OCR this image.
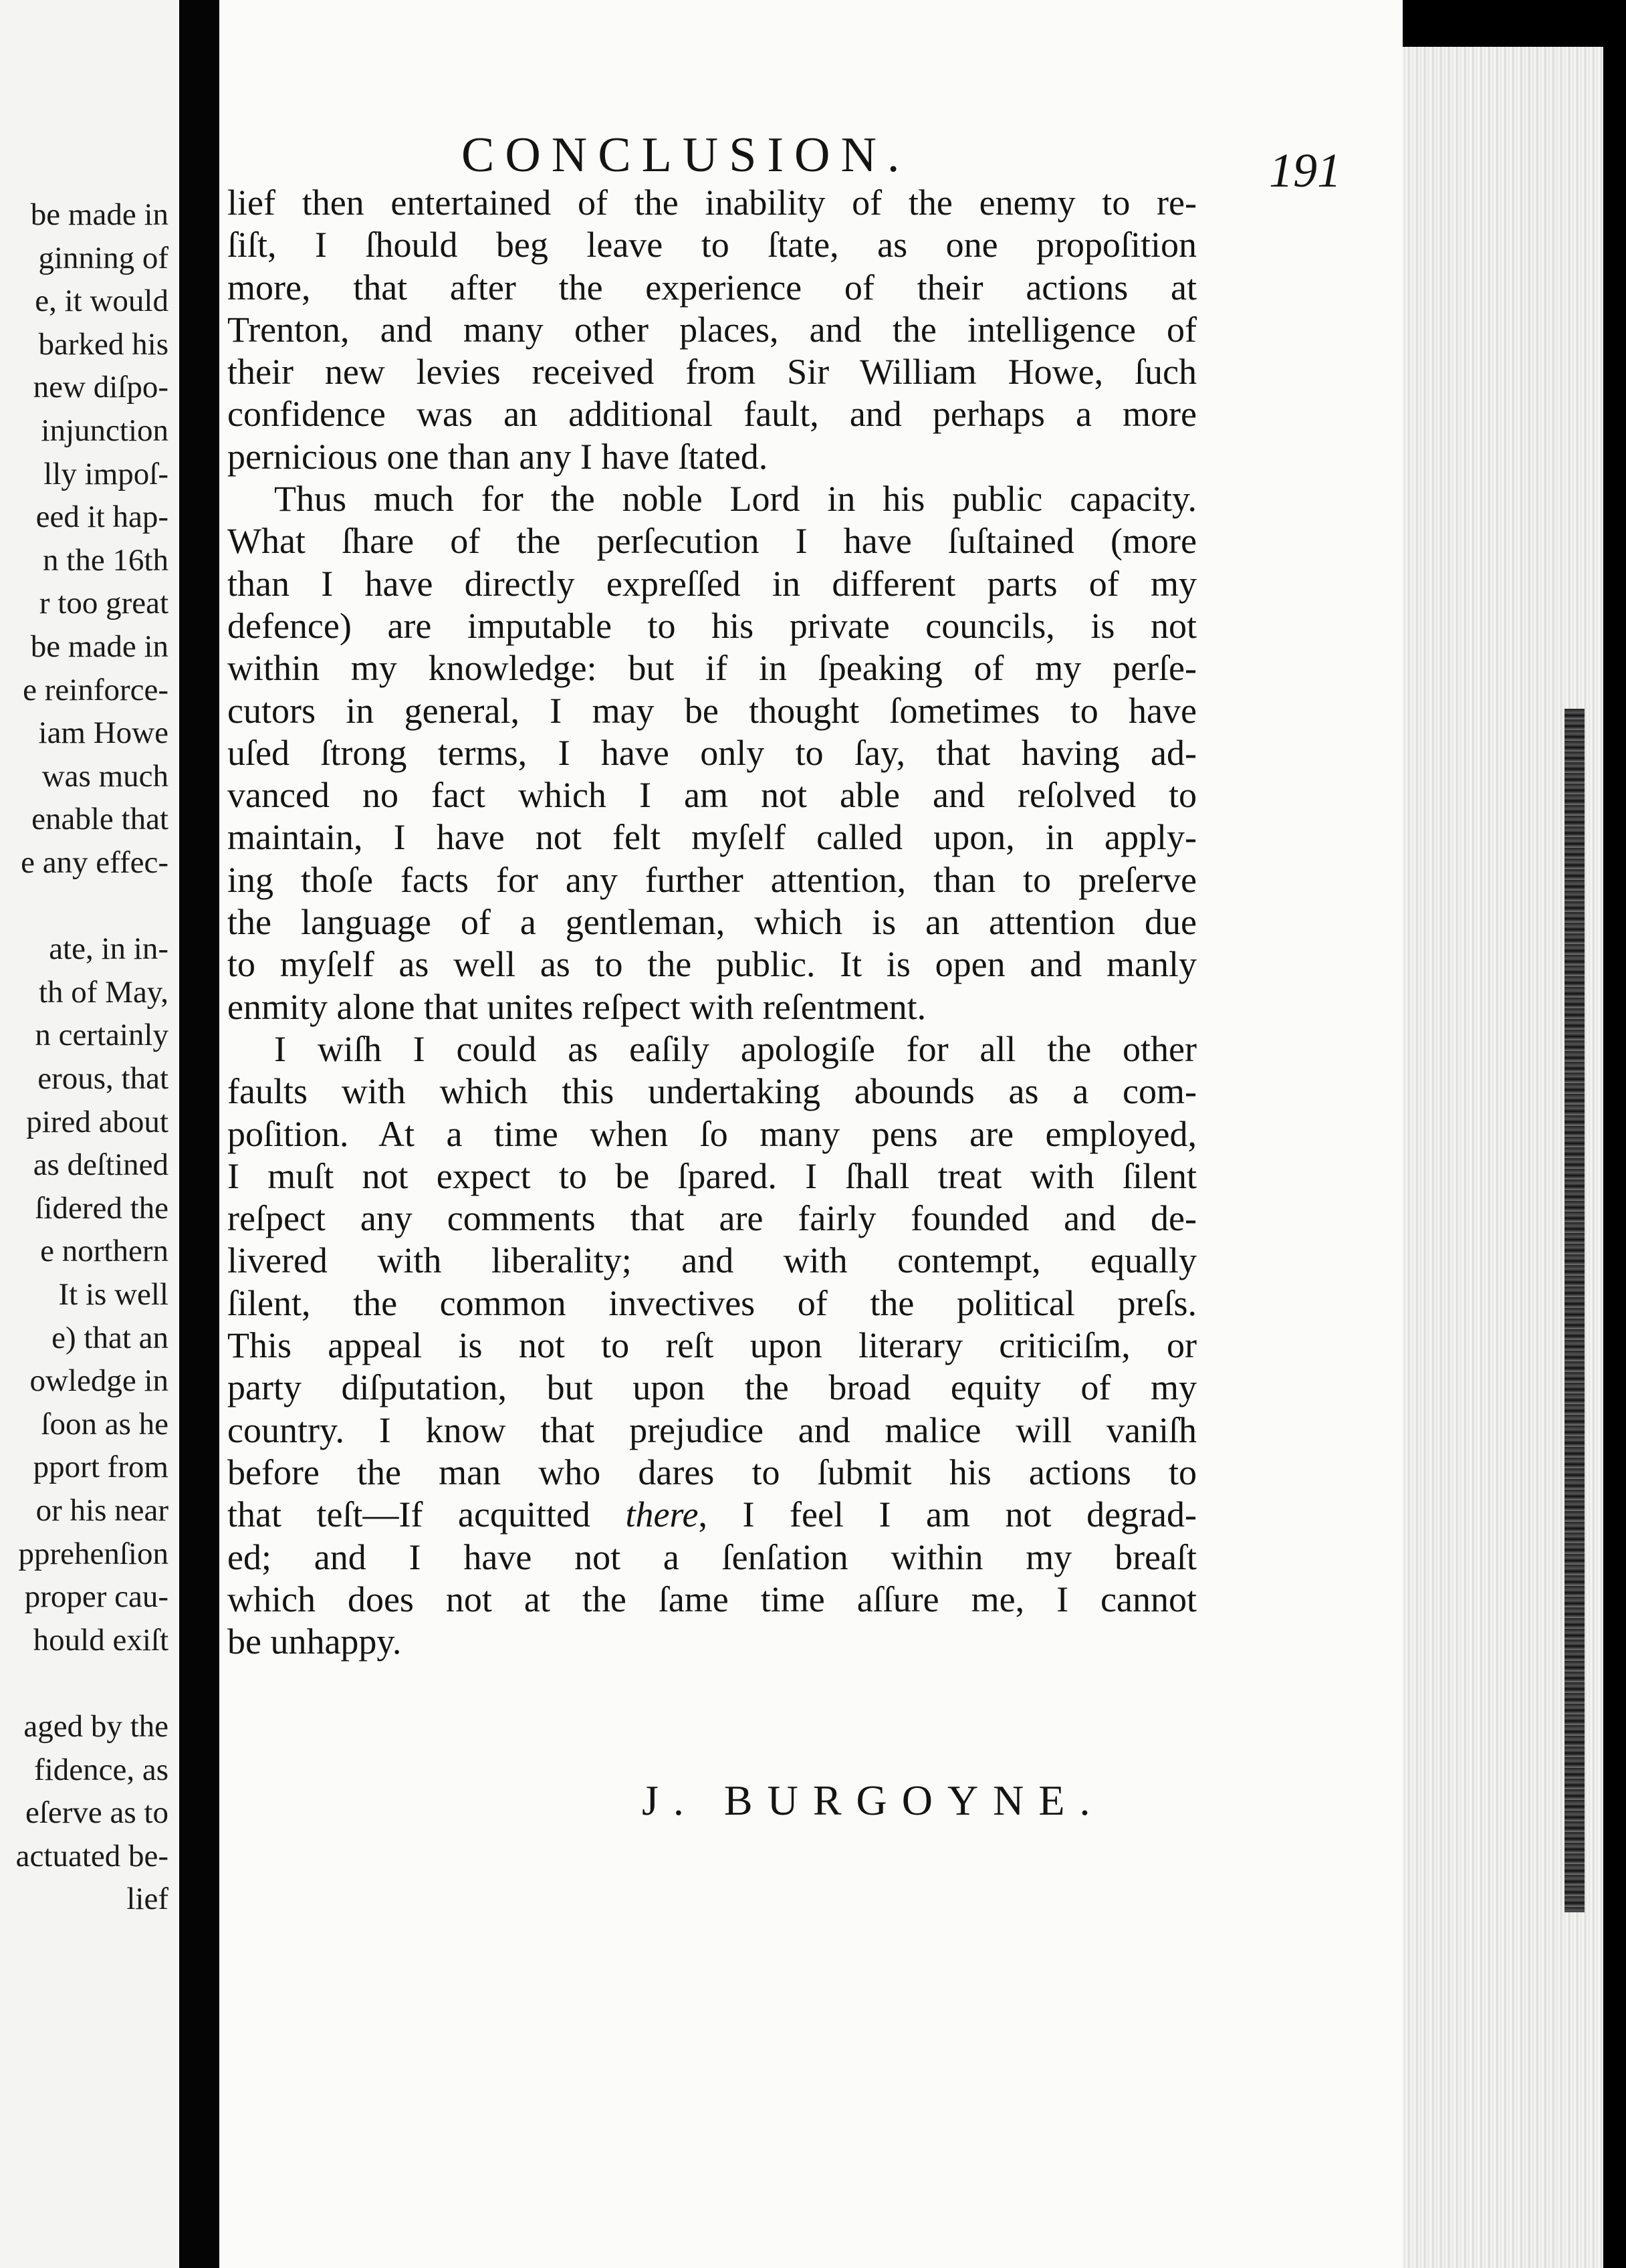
be made in
ginning of
e, it would
barked his
new diſpo-
injunction
lly impoſ-
eed it hap-
n the 16th
r too great
be made in
e reinforce-
iam Howe
was much
enable that
e any effec-
ate, in in-
th of May,
n certainly
erous, that
pired about
as deſtined
ſidered the
e northern
It is well
e) that an
owledge in
ſoon as he
pport from
or his near
pprehenſion
proper cau-
hould exiſt
aged by the
fidence, as
eſerve as to
actuated be-
lief
CONCLUSION.	191
lief then entertained of the inability of the enemy to re-
ſiſt, I ſhould beg leave to ſtate, as one propoſition
more, that after the experience of their actions at
Trenton, and many other places, and the intelligence of
their new levies received from Sir William Howe, ſuch
confidence was an additional fault, and perhaps a more
pernicious one than any I have ſtated.
Thus much for the noble Lord in his public capacity.
What ſhare of the perſecution I have ſuſtained (more
than I have directly expreſſed in different parts of my
defence) are imputable to his private councils, is not
within my knowledge: but if in ſpeaking of my perſe-
cutors in general, I may be thought ſometimes to have
uſed ſtrong terms, I have only to ſay, that having ad-
vanced no fact which I am not able and reſolved to
maintain, I have not felt myſelf called upon, in apply-
ing thoſe facts for any further attention, than to preſerve
the language of a gentleman, which is an attention due
to myſelf as well as to the public. It is open and manly
enmity alone that unites reſpect with reſentment.
I wiſh I could as eaſily apologiſe for all the other
faults with which this undertaking abounds as a com-
poſition. At a time when ſo many pens are employed,
I muſt not expect to be ſpared. I ſhall treat with ſilent
reſpect any comments that are fairly founded and de-
livered with liberality; and with contempt, equally
ſilent, the common invectives of the political preſs.
This appeal is not to reſt upon literary criticiſm, or
party diſputation, but upon the broad equity of my
country. I know that prejudice and malice will vaniſh
before the man who dares to ſubmit his actions to
that teſt—If acquitted there, I feel I am not degrad-
ed; and I have not a ſenſation within my breaſt
which does not at the ſame time aſſure me, I cannot
be unhappy.
J. BURGOYNE.
